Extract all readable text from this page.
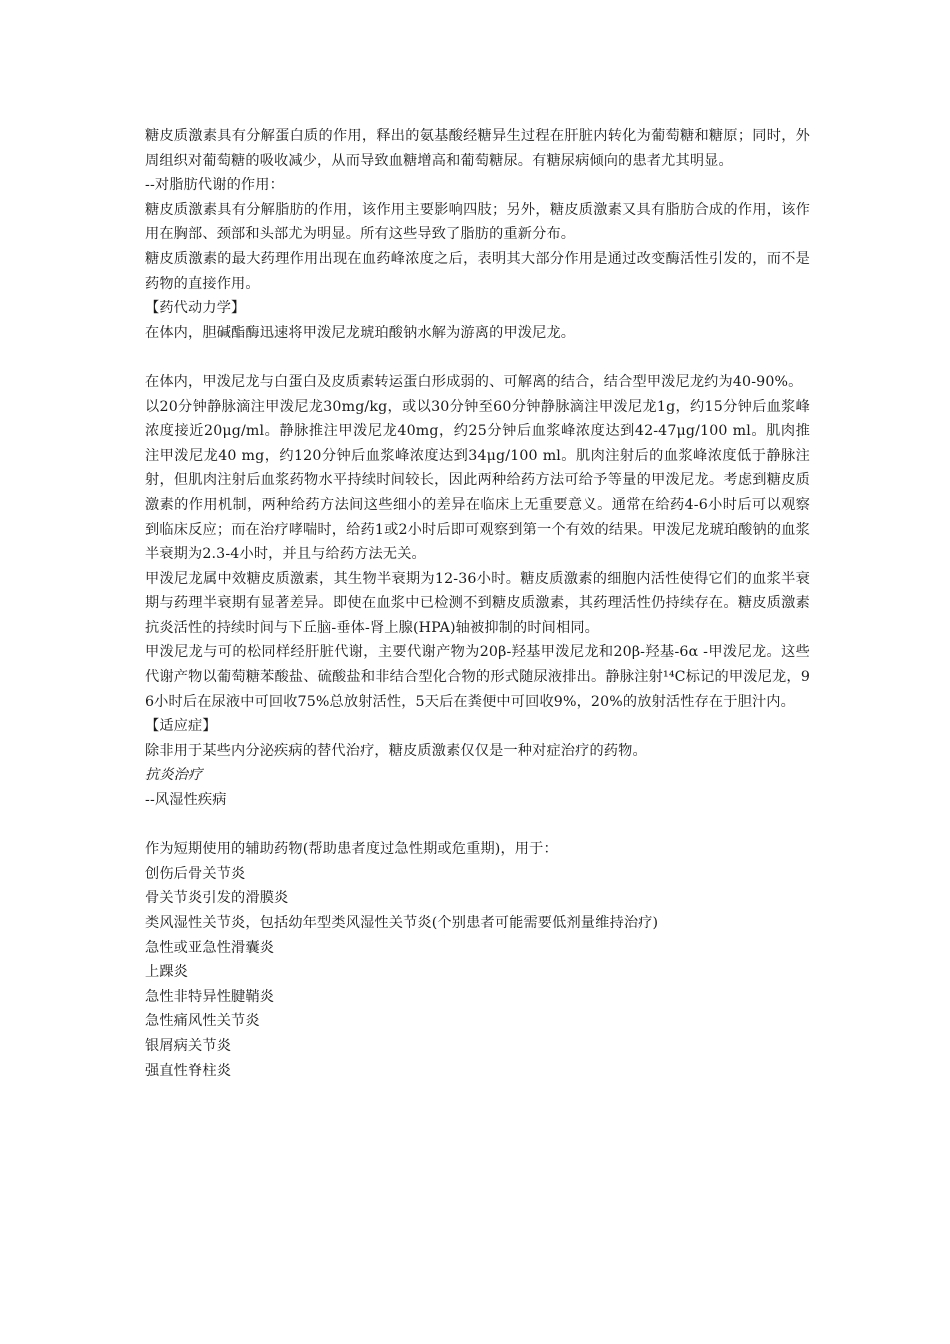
糖皮质激素具有分解蛋白质的作用，释出的氨基酸经糖异生过程在肝脏内转化为葡萄糖和糖原；同时，外周组织对葡萄糖的吸收减少，从而导致血糖增高和葡萄糖尿。有糖尿病倾向的患者尤其明显。

--对脂肪代谢的作用：

糖皮质激素具有分解脂肪的作用，该作用主要影响四肢；另外，糖皮质激素又具有脂肪合成的作用，该作用在胸部、颈部和头部尤为明显。所有这些导致了脂肪的重新分布。

糖皮质激素的最大药理作用出现在血药峰浓度之后，表明其大部分作用是通过改变酶活性引发的，而不是药物的直接作用。

【药代动力学】

在体内，胆碱酯酶迅速将甲泼尼龙琥珀酸钠水解为游离的甲泼尼龙。

在体内，甲泼尼龙与白蛋白及皮质素转运蛋白形成弱的、可解离的结合，结合型甲泼尼龙约为40-90%。

以20分钟静脉滴注甲泼尼龙30mg/kg，或以30分钟至60分钟静脉滴注甲泼尼龙1g，约15分钟后血浆峰浓度接近20μg/ml。静脉推注甲泼尼龙40mg，约25分钟后血浆峰浓度达到42-47μg/100 ml。肌肉推注甲泼尼龙40 mg，约120分钟后血浆峰浓度达到34μg/100 ml。肌肉注射后的血浆峰浓度低于静脉注射，但肌肉注射后血浆药物水平持续时间较长，因此两种给药方法可给予等量的甲泼尼龙。考虑到糖皮质激素的作用机制，两种给药方法间这些细小的差异在临床上无重要意义。通常在给药4-6小时后可以观察到临床反应；而在治疗哮喘时，给药1或2小时后即可观察到第一个有效的结果。甲泼尼龙琥珀酸钠的血浆半衰期为2.3-4小时，并且与给药方法无关。

甲泼尼龙属中效糖皮质激素，其生物半衰期为12-36小时。糖皮质激素的细胞内活性使得它们的血浆半衰期与药理半衰期有显著差异。即使在血浆中已检测不到糖皮质激素，其药理活性仍持续存在。糖皮质激素抗炎活性的持续时间与下丘脑-垂体-肾上腺(HPA)轴被抑制的时间相同。

甲泼尼龙与可的松同样经肝脏代谢，主要代谢产物为20β-羟基甲泼尼龙和20β-羟基-6α -甲泼尼龙。这些代谢产物以葡萄糖苯酸盐、硫酸盐和非结合型化合物的形式随尿液排出。静脉注射¹⁴C标记的甲泼尼龙，96小时后在尿液中可回收75%总放射活性，5天后在粪便中可回收9%，20%的放射活性存在于胆汁内。

【适应症】

除非用于某些内分泌疾病的替代治疗，糖皮质激素仅仅是一种对症治疗的药物。

抗炎治疗

--风湿性疾病

作为短期使用的辅助药物(帮助患者度过急性期或危重期)，用于：

创伤后骨关节炎

骨关节炎引发的滑膜炎

类风湿性关节炎，包括幼年型类风湿性关节炎(个别患者可能需要低剂量维持治疗)

急性或亚急性滑囊炎

上踝炎

急性非特异性腱鞘炎

急性痛风性关节炎

银屑病关节炎

强直性脊柱炎
